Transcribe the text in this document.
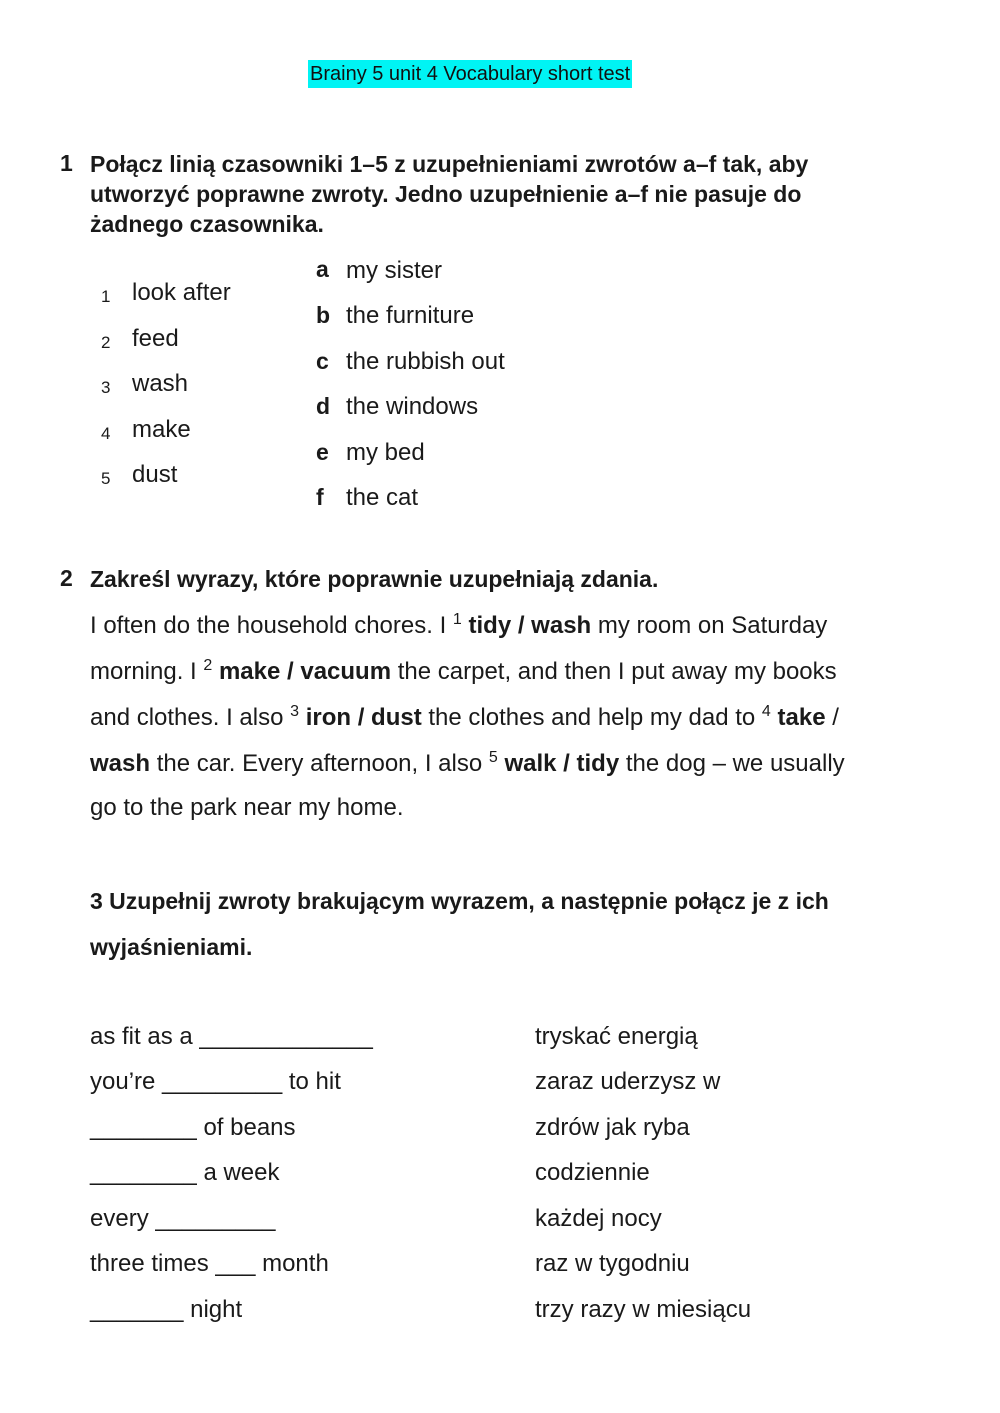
Brainy 5 unit 4 Vocabulary short test
1 Połącz linią czasowniki 1–5 z uzupełnieniami zwrotów a–f tak, aby
utworzyć poprawne zwroty. Jedno uzupełnienie a–f nie pasuje do
żadnego czasownika.
1 look after
2 feed
3 wash
4 make
5 dust
a my sister
b the furniture
c the rubbish out
d the windows
e my bed
f the cat
2 Zakreśl wyrazy, które poprawnie uzupełniają zdania.
I often do the household chores. I $^1$ tidy / wash my room on Saturday
morning. I $^2$ make / vacuum the carpet, and then I put away my books
and clothes. I also $^3$ iron / dust the clothes and help my dad to $^4$ take /
wash the car. Every afternoon, I also $^5$ walk / tidy the dog – we usually
go to the park near my home.
3 Uzupełnij zwroty brakującym wyrazem, a następnie połącz je z ich
wyjaśnieniami.
as fit as a _____________
you’re _________ to hit
________ of beans
________ a week
every _________
three times ___ month
_______ night
tryskać energią
zaraz uderzysz w
zdrów jak ryba
codziennie
każdej nocy
raz w tygodniu
trzy razy w miesiącu
